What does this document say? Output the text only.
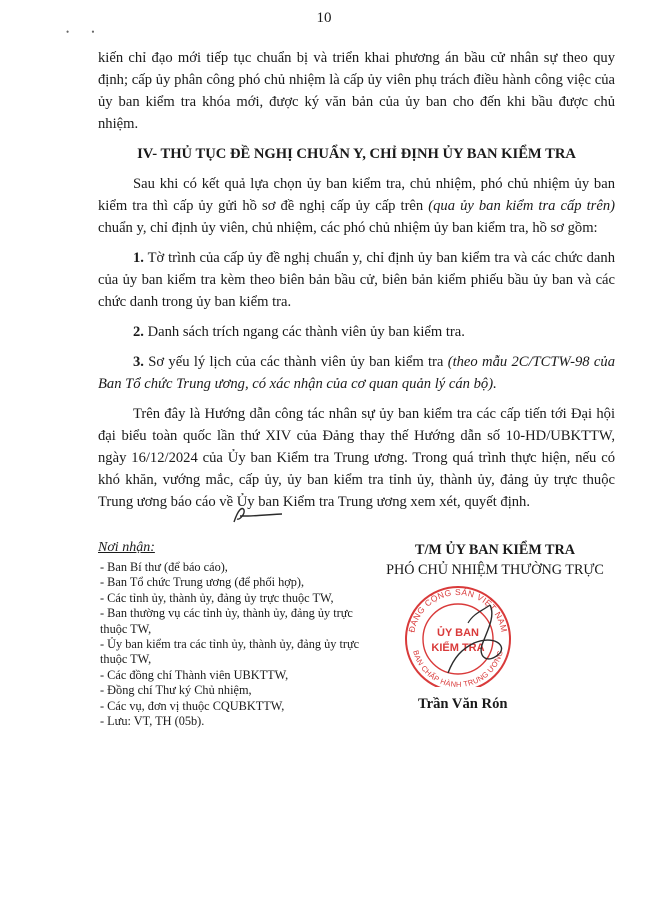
10
• •

kiến chỉ đạo mới tiếp tục chuẩn bị và triển khai phương án bầu cử nhân sự theo quy định; cấp ủy phân công phó chủ nhiệm là cấp ủy viên phụ trách điều hành công việc của ủy ban kiểm tra khóa mới, được ký văn bản của ủy ban cho đến khi bầu được chủ nhiệm.

IV- THỦ TỤC ĐỀ NGHỊ CHUẨN Y, CHỈ ĐỊNH ỦY BAN KIỂM TRA

Sau khi có kết quả lựa chọn ủy ban kiểm tra, chủ nhiệm, phó chủ nhiệm ủy ban kiểm tra thì cấp ủy gửi hồ sơ đề nghị cấp ủy cấp trên (qua ủy ban kiểm tra cấp trên) chuẩn y, chỉ định ủy viên, chủ nhiệm, các phó chủ nhiệm ủy ban kiểm tra, hồ sơ gồm:

1. Tờ trình của cấp ủy đề nghị chuẩn y, chỉ định ủy ban kiểm tra và các chức danh của ủy ban kiểm tra kèm theo biên bản bầu cử, biên bản kiểm phiếu bầu ủy ban và các chức danh trong ủy ban kiểm tra.

2. Danh sách trích ngang các thành viên ủy ban kiểm tra.

3. Sơ yếu lý lịch của các thành viên ủy ban kiểm tra (theo mẫu 2C/TCTW-98 của Ban Tổ chức Trung ương, có xác nhận của cơ quan quản lý cán bộ).

Trên đây là Hướng dẫn công tác nhân sự ủy ban kiểm tra các cấp tiến tới Đại hội đại biểu toàn quốc lần thứ XIV của Đảng thay thế Hướng dẫn số 10-HD/UBKTTW, ngày 16/12/2024 của Ủy ban Kiểm tra Trung ương. Trong quá trình thực hiện, nếu có khó khăn, vướng mắc, cấp ủy, ủy ban kiểm tra tỉnh ủy, thành ủy, đảng ủy trực thuộc Trung ương báo cáo về Ủy ban Kiểm tra Trung ương xem xét, quyết định.

Nơi nhận:
- Ban Bí thư (để báo cáo),
- Ban Tổ chức Trung ương (để phối hợp),
- Các tỉnh ủy, thành ủy, đảng ủy trực thuộc TW,
- Ban thường vụ các tỉnh ủy, thành ủy, đảng ủy trực thuộc TW,
- Ủy ban kiểm tra các tỉnh ủy, thành ủy, đảng ủy trực thuộc TW,
- Các đồng chí Thành viên UBKTTW,
- Đồng chí Thư ký Chủ nhiệm,
- Các vụ, đơn vị thuộc CQUBKTTW,
- Lưu: VT, TH (05b).
T/M ỦY BAN KIỂM TRA
PHÓ CHỦ NHIỆM THƯỜNG TRỰC
ĐẢNG CỘNG SẢN VIỆT NAM
BAN CHẤP HÀNH TRUNG ƯƠNG
ỦY BAN
KIỂM TRA
Trần Văn Rón
